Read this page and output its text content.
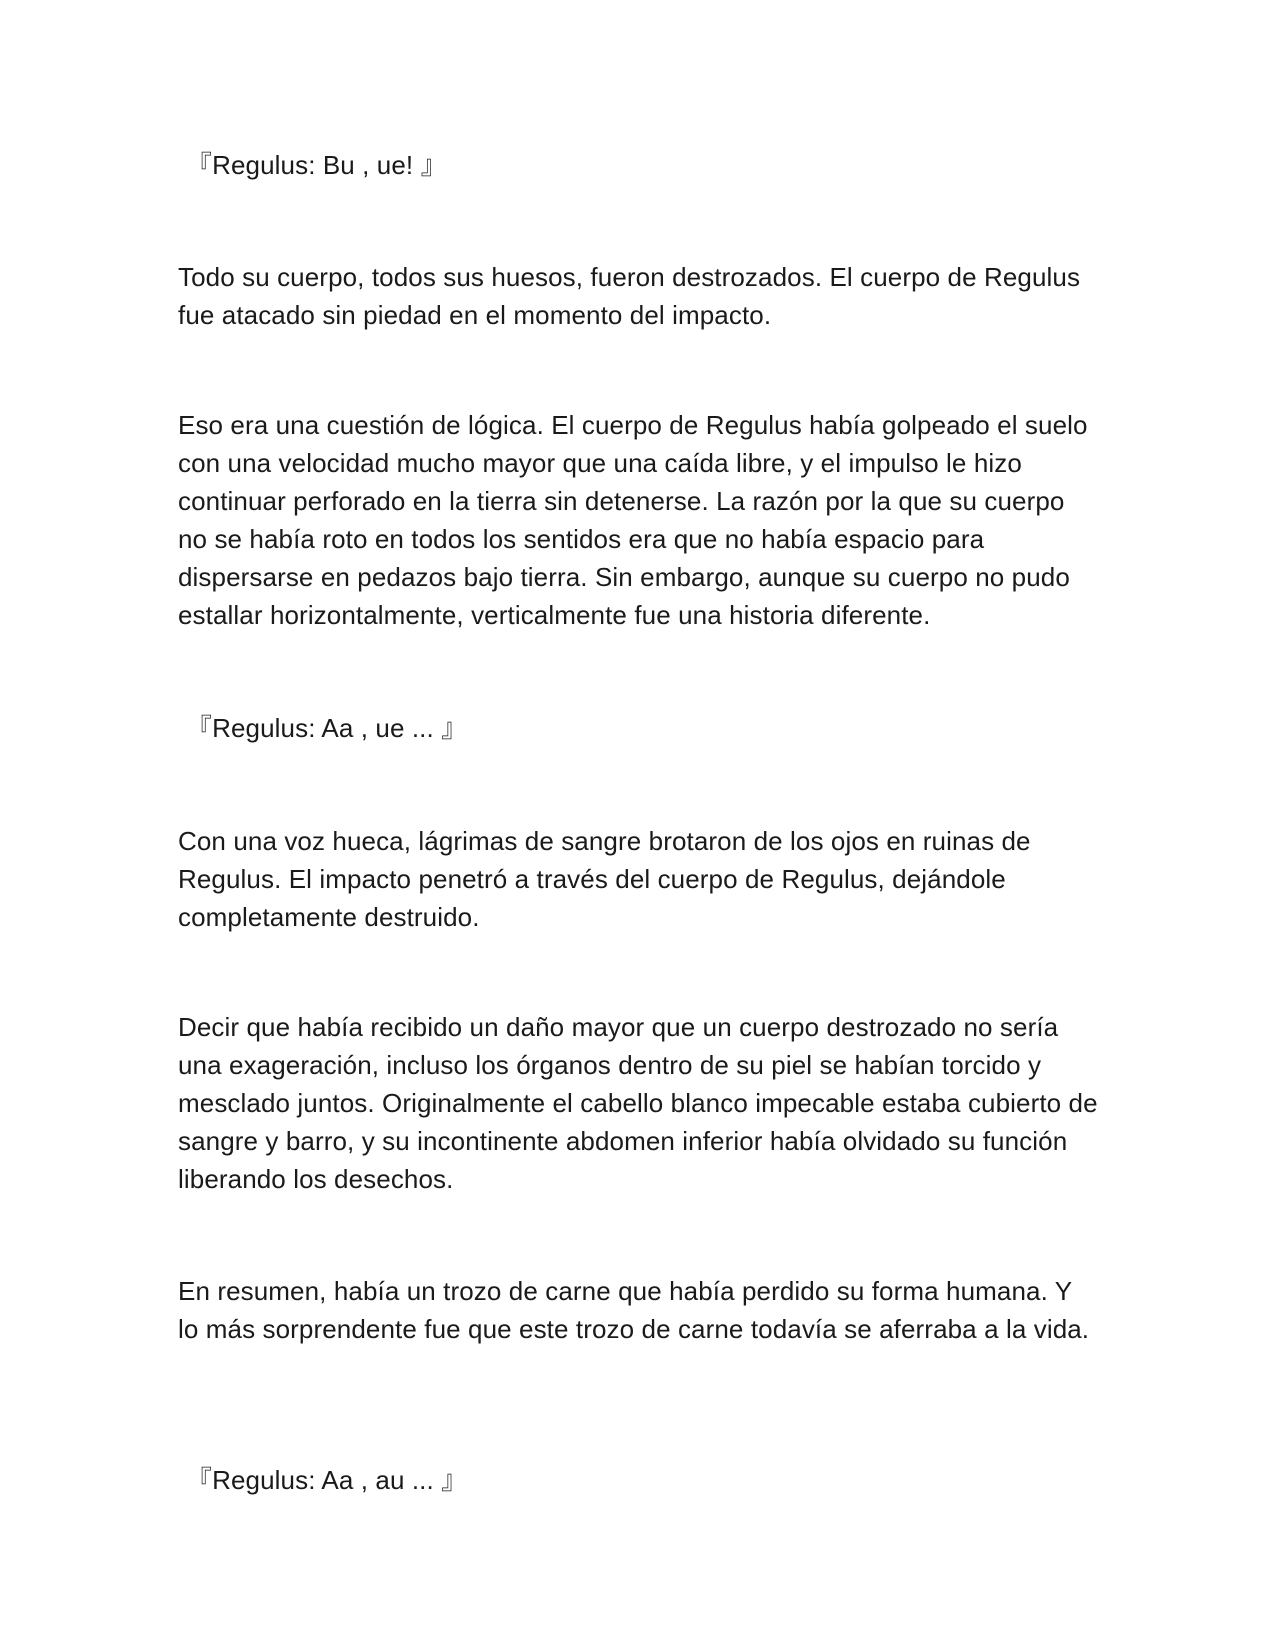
『Regulus: Bu , ue! 』

Todo su cuerpo, todos sus huesos, fueron destrozados. El cuerpo de Regulus fue atacado sin piedad en el momento del impacto.

Eso era una cuestión de lógica. El cuerpo de Regulus había golpeado el suelo con una velocidad mucho mayor que una caída libre, y el impulso le hizo continuar perforado en la tierra sin detenerse. La razón por la que su cuerpo no se había roto en todos los sentidos era que no había espacio para dispersarse en pedazos bajo tierra. Sin embargo, aunque su cuerpo no pudo estallar horizontalmente, verticalmente fue una historia diferente.

『Regulus: Aa , ue ... 』

Con una voz hueca, lágrimas de sangre brotaron de los ojos en ruinas de Regulus. El impacto penetró a través del cuerpo de Regulus, dejándole completamente destruido.

Decir que había recibido un daño mayor que un cuerpo destrozado no sería una exageración, incluso los órganos dentro de su piel se habían torcido y mesclado juntos. Originalmente el cabello blanco impecable estaba cubierto de sangre y barro, y su incontinente abdomen inferior había olvidado su función liberando los desechos.

En resumen, había un trozo de carne que había perdido su forma humana. Y lo más sorprendente fue que este trozo de carne todavía se aferraba a la vida.

『Regulus: Aa , au ... 』
